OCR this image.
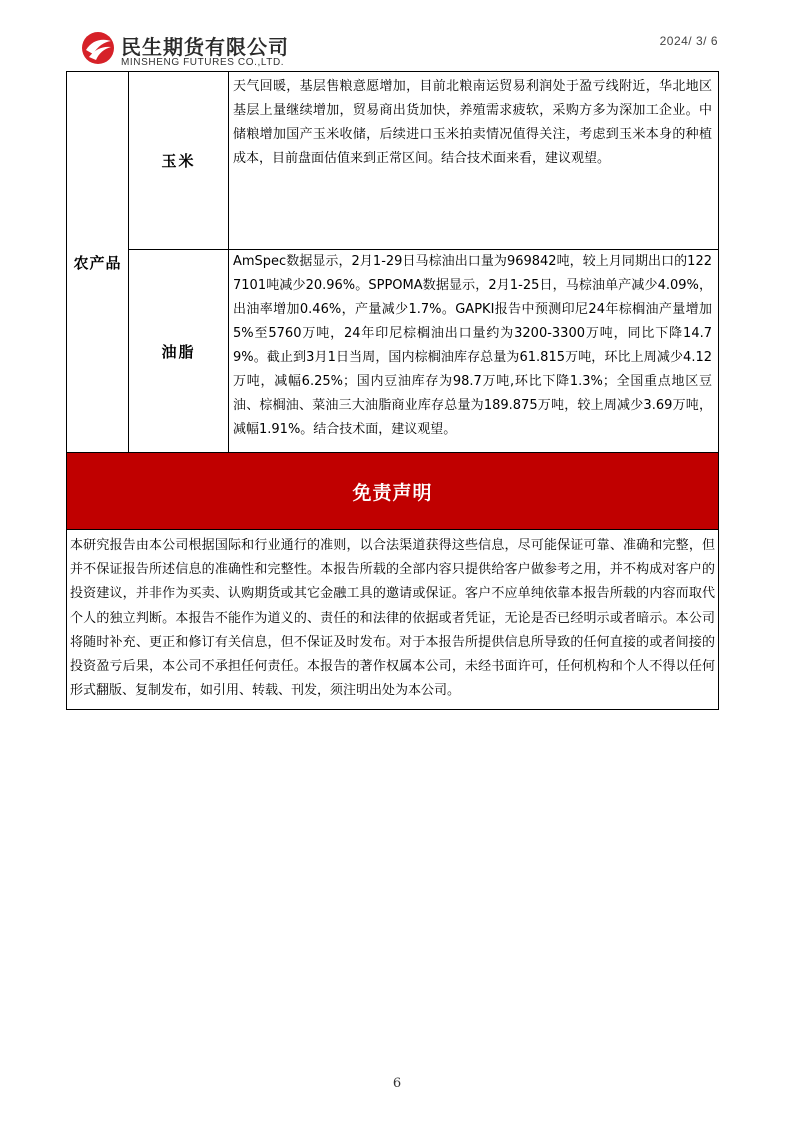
民生期货有限公司
MINSHENG FUTURES CO.,LTD.
2024/ 3/ 6
农产品	玉米	天气回暖，基层售粮意愿增加，目前北粮南运贸易利润处于盈亏线附近，华北地区基层上量继续增加，贸易商出货加快，养殖需求疲软，采购方多为深加工企业。中储粮增加国产玉米收储，后续进口玉米拍卖情况值得关注，考虑到玉米本身的种植成本，目前盘面估值来到正常区间。结合技术面来看，建议观望。
	油脂	AmSpec数据显示，2月1-29日马棕油出口量为969842吨，较上月同期出口的1227101吨减少20.96%。SPPOMA数据显示，2月1-25日，马棕油单产减少4.09%，出油率增加0.46%，产量减少1.7%。GAPKI报告中预测印尼24年棕榈油产量增加5%至5760万吨，24年印尼棕榈油出口量约为3200-3300万吨，同比下降14.79%。截止到3月1日当周，国内棕榈油库存总量为61.815万吨，环比上周减少4.12万吨，减幅6.25%；国内豆油库存为98.7万吨,环比下降1.3%；全国重点地区豆油、棕榈油、菜油三大油脂商业库存总量为189.875万吨，较上周减少3.69万吨，减幅1.91%。结合技术面，建议观望。
免责声明		
本研究报告由本公司根据国际和行业通行的准则，以合法渠道获得这些信息，尽可能保证可靠、准确和完整，但并不保证报告所述信息的准确性和完整性。本报告所载的全部内容只提供给客户做参考之用，并不构成对客户的投资建议，并非作为买卖、认购期货或其它金融工具的邀请或保证。客户不应单纯依靠本报告所载的内容而取代个人的独立判断。本报告不能作为道义的、责任的和法律的依据或者凭证，无论是否已经明示或者暗示。本公司将随时补充、更正和修订有关信息，但不保证及时发布。对于本报告所提供信息所导致的任何直接的或者间接的投资盈亏后果，本公司不承担任何责任。本报告的著作权属本公司，未经书面许可，任何机构和个人不得以任何形式翻版、复制发布，如引用、转载、刊发，须注明出处为本公司。		
6
